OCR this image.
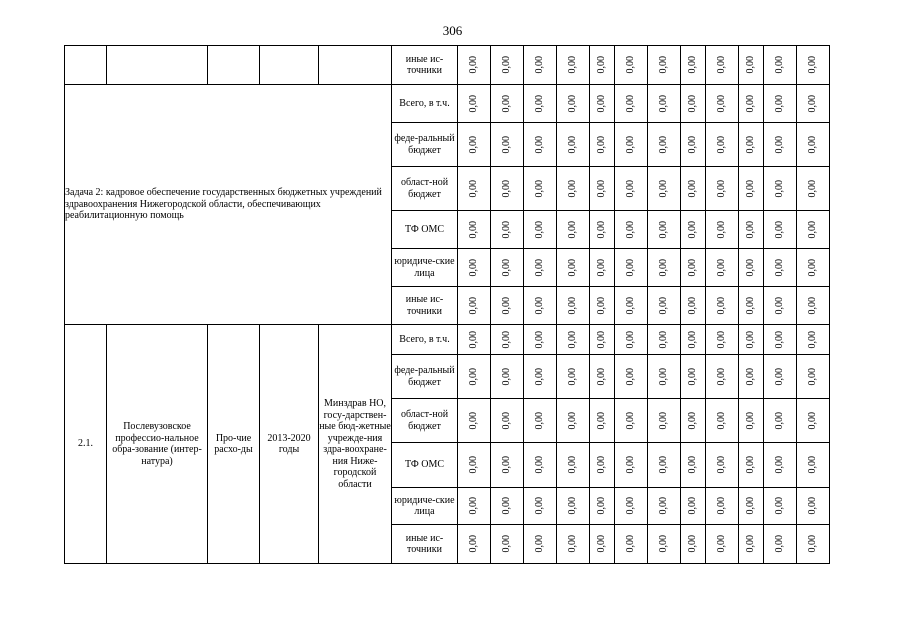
306
					иные ис-точники	0,00	0,00	0,00	0,00	0,00	0,00	0,00	0,00	0,00	0,00	0,00	0,00
Задача 2: кадровое обеспечение государственных бюджетных учреждений здравоохранения Нижегородской области, обеспечивающих реабилитационную помощь					Всего, в т.ч.	0,00	0,00	0,00	0,00	0,00	0,00	0,00	0,00	0,00	0,00	0,00	0,00
					феде-ральный бюджет	0,00	0,00	0,00	0,00	0,00	0,00	0,00	0,00	0,00	0,00	0,00	0,00
					област-ной бюджет	0,00	0,00	0,00	0,00	0,00	0,00	0,00	0,00	0,00	0,00	0,00	0,00
					ТФ ОМС	0,00	0,00	0,00	0,00	0,00	0,00	0,00	0,00	0,00	0,00	0,00	0,00
					юридиче-ские лица	0,00	0,00	0,00	0,00	0,00	0,00	0,00	0,00	0,00	0,00	0,00	0,00
					иные ис-точники	0,00	0,00	0,00	0,00	0,00	0,00	0,00	0,00	0,00	0,00	0,00	0,00
2.1.	Послевузовское профессио-нальное обра-зование (интер-натура)	Про-чие расхо-ды	2013-2020 годы	Минздрав НО, госу-дарствен-ные бюд-жетные учрежде-ния здра-воохране-ния Ниже-городской области	Всего, в т.ч.	0,00	0,00	0,00	0,00	0,00	0,00	0,00	0,00	0,00	0,00	0,00	0,00
					феде-ральный бюджет	0,00	0,00	0,00	0,00	0,00	0,00	0,00	0,00	0,00	0,00	0,00	0,00
					област-ной бюджет	0,00	0,00	0,00	0,00	0,00	0,00	0,00	0,00	0,00	0,00	0,00	0,00
					ТФ ОМС	0,00	0,00	0,00	0,00	0,00	0,00	0,00	0,00	0,00	0,00	0,00	0,00
					юридиче-ские лица	0,00	0,00	0,00	0,00	0,00	0,00	0,00	0,00	0,00	0,00	0,00	0,00
					иные ис-точники	0,00	0,00	0,00	0,00	0,00	0,00	0,00	0,00	0,00	0,00	0,00	0,00
